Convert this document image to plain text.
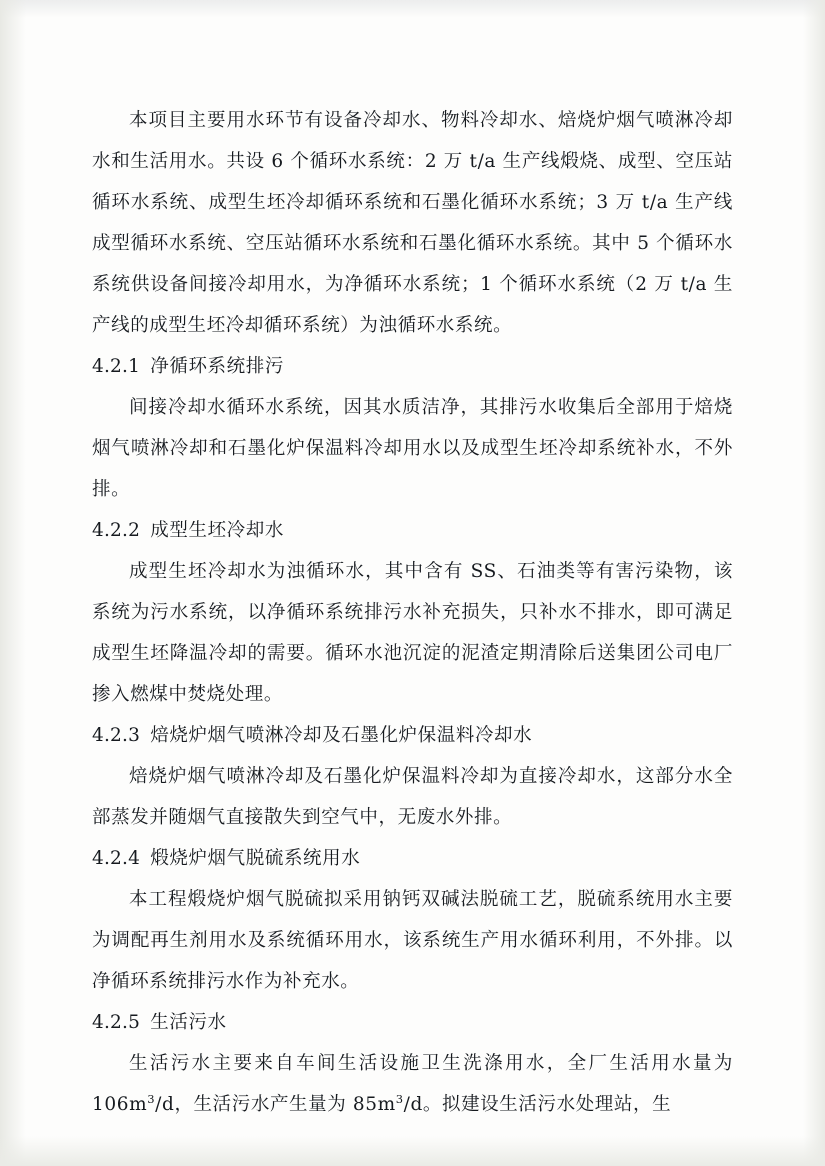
本项目主要用水环节有设备冷却水、物料冷却水、焙烧炉烟气喷淋冷却水和生活用水。共设 6 个循环水系统：2 万 t/a 生产线煅烧、成型、空压站循环水系统、成型生坯冷却循环系统和石墨化循环水系统；3 万 t/a 生产线成型循环水系统、空压站循环水系统和石墨化循环水系统。其中 5 个循环水系统供设备间接冷却用水，为净循环水系统；1 个循环水系统（2 万 t/a 生产线的成型生坯冷却循环系统）为浊循环水系统。

4.2.1 净循环系统排污

间接冷却水循环水系统，因其水质洁净，其排污水收集后全部用于焙烧烟气喷淋冷却和石墨化炉保温料冷却用水以及成型生坯冷却系统补水，不外排。

4.2.2 成型生坯冷却水

成型生坯冷却水为浊循环水，其中含有 SS、石油类等有害污染物，该系统为污水系统，以净循环系统排污水补充损失，只补水不排水，即可满足成型生坯降温冷却的需要。循环水池沉淀的泥渣定期清除后送集团公司电厂掺入燃煤中焚烧处理。

4.2.3 焙烧炉烟气喷淋冷却及石墨化炉保温料冷却水

焙烧炉烟气喷淋冷却及石墨化炉保温料冷却为直接冷却水，这部分水全部蒸发并随烟气直接散失到空气中，无废水外排。

4.2.4 煅烧炉烟气脱硫系统用水

本工程煅烧炉烟气脱硫拟采用钠钙双碱法脱硫工艺，脱硫系统用水主要为调配再生剂用水及系统循环用水，该系统生产用水循环利用，不外排。以净循环系统排污水作为补充水。

4.2.5 生活污水

生活污水主要来自车间生活设施卫生洗涤用水，全厂生活用水量为 $106m^3/d$，生活污水产生量为 $85m^3/d$。拟建设生活污水处理站，生
